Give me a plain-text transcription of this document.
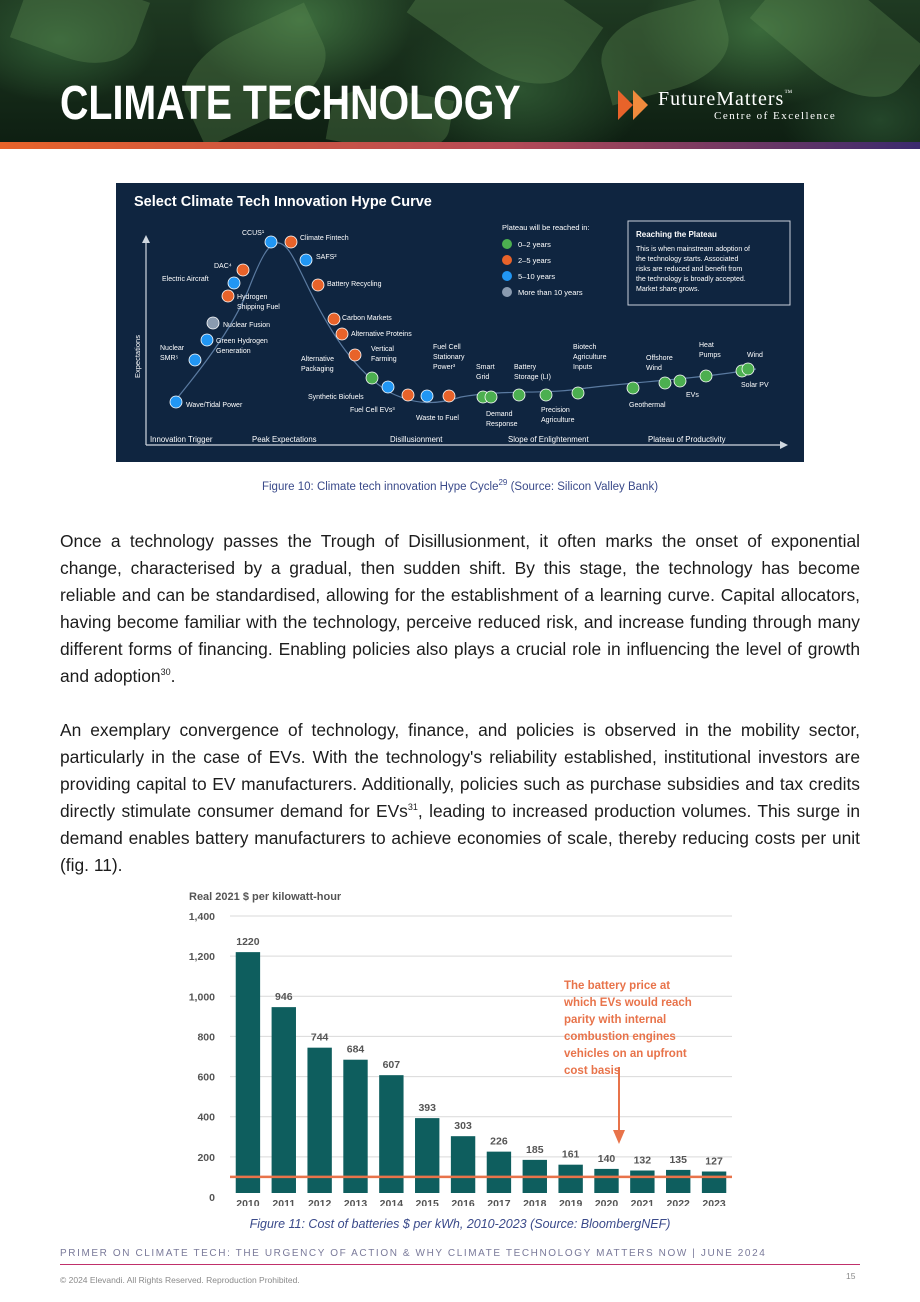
CLIMATE TECHNOLOGY	FutureMatters™
Centre of Excellence
Select Climate Tech Innovation Hype Curve
Expectations
Innovation Trigger	Peak Expectations	Disillusionment	Slope of Enlightenment	Plateau of Productivity
Plateau will be reached in:
0–2 years
2–5 years
5–10 years
More than 10 years
Reaching the Plateau
This is when mainstream adoption of
the technology starts. Associated
risks are reduced and benefit from
the technology is broadly accepted.
Market share grows.
Wave/Tidal Power
Nuclear
SMR⁵
Green Hydrogen
Generation
Nuclear Fusion
Hydrogen
Shipping Fuel
Electric Aircraft
DAC⁴
CCUS¹
Climate Fintech
SAFS²
Battery Recycling
Carbon Markets
Alternative Proteins
Alternative
Packaging
Vertical
Farming
Synthetic Biofuels
Fuel Cell EVs³
Waste to Fuel
Fuel Cell
Stationary
Power³	Smart
Grid
Demand
Response
Battery
Storage (LI)
Precision
Agriculture
Biotech
Agriculture
Inputs
Geothermal
Offshore
Wind
EVs
Heat
Pumps	Wind
Solar PV
Figure 10: Climate tech innovation Hype Cycle$^{29}$ (Source: Silicon Valley Bank)
Once a technology passes the Trough of Disillusionment, it often marks the onset of exponential change, characterised by a gradual, then sudden shift. By this stage, the technology has become reliable and can be standardised, allowing for the establishment of a learning curve. Capital allocators, having become familiar with the technology, perceive reduced risk, and increase funding through many different forms of financing. Enabling policies also plays a crucial role in influencing the level of growth and adoption$^{30}$.
An exemplary convergence of technology, finance, and policies is observed in the mobility sector, particularly in the case of EVs. With the technology's reliability established, institutional investors are providing capital to EV manufacturers. Additionally, policies such as purchase subsidies and tax credits directly stimulate consumer demand for EVs$^{31}$, leading to increased production volumes. This surge in demand enables battery manufacturers to achieve economies of scale, thereby reducing costs per unit (fig. 11).
Real 2021 $ per kilowatt-hour
0
200
400
600
800
1,000
1,200
1,400
1220
2010
946
2011
744
2012
684
2013
607
2014
393
2015
303
2016
226
2017
185
2018
161
2019
140
2020
132
2021
135
2022
127
2023
The battery price at
which EVs would reach
parity with internal
combustion engines
vehicles on an upfront
cost basis
Figure 11: Cost of batteries $ per kWh, 2010-2023 (Source: BloombergNEF)
PRIMER ON CLIMATE TECH: THE URGENCY OF ACTION & WHY CLIMATE TECHNOLOGY MATTERS NOW | JUNE 2024
© 2024 Elevandi. All Rights Reserved. Reproduction Prohibited.	15
